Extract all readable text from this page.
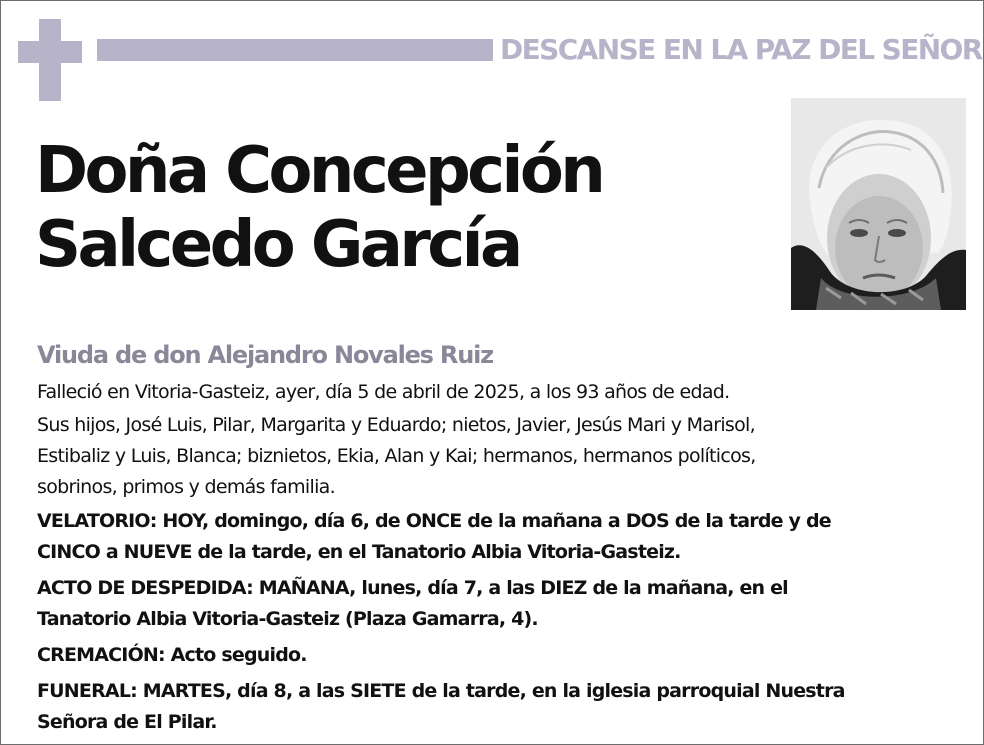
DESCANSE EN LA PAZ DEL SEÑOR
Doña Concepción
Salcedo García
Viuda de don Alejandro Novales Ruiz

Falleció en Vitoria-Gasteiz, ayer, día 5 de abril de 2025, a los 93 años de edad.

Sus hijos, José Luis, Pilar, Margarita y Eduardo; nietos, Javier, Jesús Mari y Marisol,
Estibaliz y Luis, Blanca; biznietos, Ekia, Alan y Kai; hermanos, hermanos políticos,
sobrinos, primos y demás familia.

VELATORIO: HOY, domingo, día 6, de ONCE de la mañana a DOS de la tarde y de
CINCO a NUEVE de la tarde, en el Tanatorio Albia Vitoria-Gasteiz.

ACTO DE DESPEDIDA: MAÑANA, lunes, día 7, a las DIEZ de la mañana, en el
Tanatorio Albia Vitoria-Gasteiz (Plaza Gamarra, 4).

CREMACIÓN: Acto seguido.

FUNERAL: MARTES, día 8, a las SIETE de la tarde, en la iglesia parroquial Nuestra
Señora de El Pilar.
